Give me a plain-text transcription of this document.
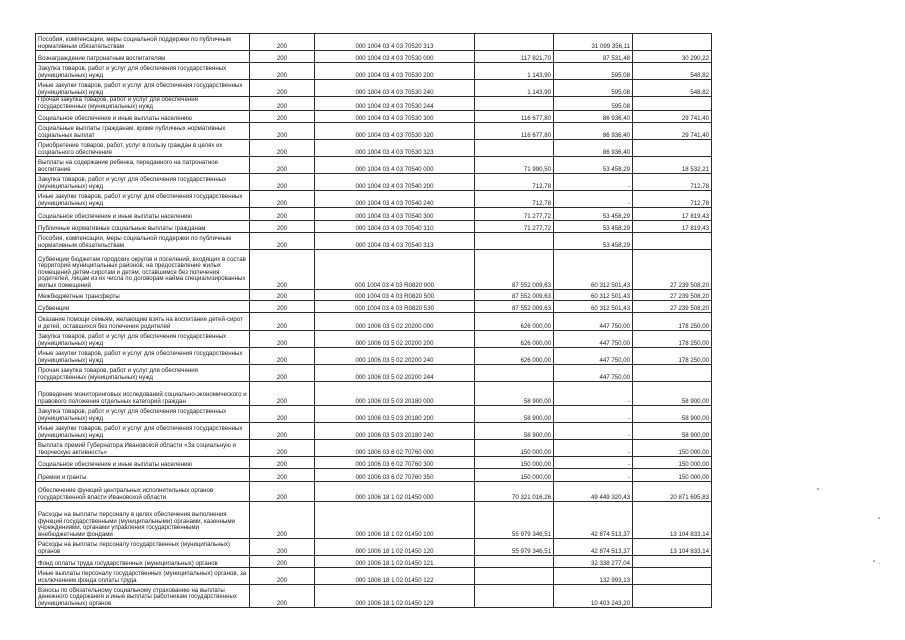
Пособия, компенсации, меры социальной поддержки по публичным нормативным обязательствам	200	000 1004 03 4 03 70520 313		31 099 356,11	
Вознаграждение патронатным воспитателям	200	000 1004 03 4 03 70530 000	117 821,70	87 531,48	30 290,22
Закупка товаров, работ и услуг для обеспечения государственных (муниципальных) нужд	200	000 1004 03 4 03 70530 200	1 143,90	595,08	548,82
Иные закупки товаров, работ и услуг для обеспечения государственных (муниципальных) нужд	200	000 1004 03 4 03 70530 240	1 143,90	595,08	548,82
Прочая закупка товаров, работ и услуг для обеспечения государственных (муниципальных) нужд	200	000 1004 03 4 03 70530 244		595,08	
Социальное обеспечение и иные выплаты населению	200	000 1004 03 4 03 70530 300	116 677,80	86 936,40	29 741,40
Социальные выплаты гражданам, кроме публичных нормативных социальных выплат	200	000 1004 03 4 03 70530 320	116 677,80	86 936,40	29 741,40
Приобретение товаров, работ, услуг в пользу граждан в целях их социального обеспечения	200	000 1004 03 4 03 70530 323		86 936,40	
Выплаты на содержание ребенка, переданного на патронатное воспитание	200	000 1004 03 4 03 70540 000	71 990,50	53 458,29	18 532,21
Закупка товаров, работ и услуг для обеспечения государственных (муниципальных) нужд	200	000 1004 03 4 03 70540 200	712,78	-	712,78
Иные закупки товаров, работ и услуг для обеспечения государственных (муниципальных) нужд	200	000 1004 03 4 03 70540 240	712,78	-	712,78
Социальное обеспечение и иные выплаты населению	200	000 1004 03 4 03 70540 300	71 277,72	53 458,29	17 819,43
Публичные нормативные социальные выплаты гражданам	200	000 1004 03 4 03 70540 310	71 277,72	53 458,29	17 819,43
Пособия, компенсации, меры социальной поддержки по публичным нормативным обязательствам	200	000 1004 03 4 03 70540 313		53 458,29	
Субвенции бюджетам городских округов и поселений, входящих в состав территорий муниципальных районов, на предоставление жилых помещений детям-сиротам и детям, оставшимся без попечения родителей, лицам из их числа по договорам найма специализированных жилых помещений	200	000 1004 03 4 03 R0820 000	87 552 009,63	60 312 501,43	27 239 508,20
Межбюджетные трансферты	200	000 1004 03 4 03 R0820 500	87 552 009,63	60 312 501,43	27 239 508,20
Субвенции	200	000 1004 03 4 03 R0820 530	87 552 009,63	60 312 501,43	27 239 508,20
Оказание помощи семьям, желающим взять на воспитание детей-сирот и детей, оставшихся без попечения родителей	200	000 1006 03 5 02 20200 000	626 000,00	447 750,00	178 250,00
Закупка товаров, работ и услуг для обеспечения государственных (муниципальных) нужд	200	000 1006 03 5 02 20200 200	626 000,00	447 750,00	178 250,00
Иные закупки товаров, работ и услуг для обеспечения государственных (муниципальных) нужд	200	000 1006 03 5 02 20200 240	626 000,00	447 750,00	178 250,00
Прочая закупка товаров, работ и услуг для обеспечения государственных (муниципальных) нужд	200	000 1006 03 5 02 20200 244		447 750,00	
Проведение мониторинговых исследований социально-экономического и правового положения отдельных категорий граждан	200	000 1006 03 5 03 20180 000	58 900,00	-	58 900,00
Закупка товаров, работ и услуг для обеспечения государственных (муниципальных) нужд	200	000 1006 03 5 03 20180 200	58 900,00	-	58 900,00
Иные закупки товаров, работ и услуг для обеспечения государственных (муниципальных) нужд	200	000 1006 03 5 03 20180 240	58 900,00	-	58 900,00
Выплата премий Губернатора Ивановской области «За социальную и творческую активность»	200	000 1006 03 6 02 70760 000	150 000,00	-	150 000,00
Социальное обеспечение и иные выплаты населению	200	000 1006 03 6 02 70760 300	150 000,00	-	150 000,00
Премии и гранты	200	000 1006 03 6 02 70760 350	150 000,00	-	150 000,00
Обеспечение функций центральных исполнительных органов государственной власти Ивановской области	200	000 1006 18 1 02 01450 000	70 321 016,26	49 449 320,43	20 871 695,83
Расходы на выплаты персоналу в целях обеспечения выполнения функций государственными (муниципальными) органами, казенными учреждениями, органами управления государственными внебюджетными фондами	200	000 1006 18 1 02 01450 100	55 979 346,51	42 874 513,37	13 104 833,14
Расходы на выплаты персоналу государственных (муниципальных) органов	200	000 1006 18 1 02 01450 120	55 979 346,51	42 874 513,37	13 104 833,14
Фонд оплаты труда государственных (муниципальных) органов	200	000 1006 18 1 02 01450 121		32 338 277,04	
Иные выплаты персоналу государственных (муниципальных) органов, за исключением фонда оплаты труда	200	000 1006 18 1 02 01450 122		132 993,13	
Взносы по обязательному социальному страхованию на выплаты денежного содержания и иные выплаты работникам государственных (муниципальных) органов	200	000 1006 18 1 02 01450 129		10 403 243,20	
